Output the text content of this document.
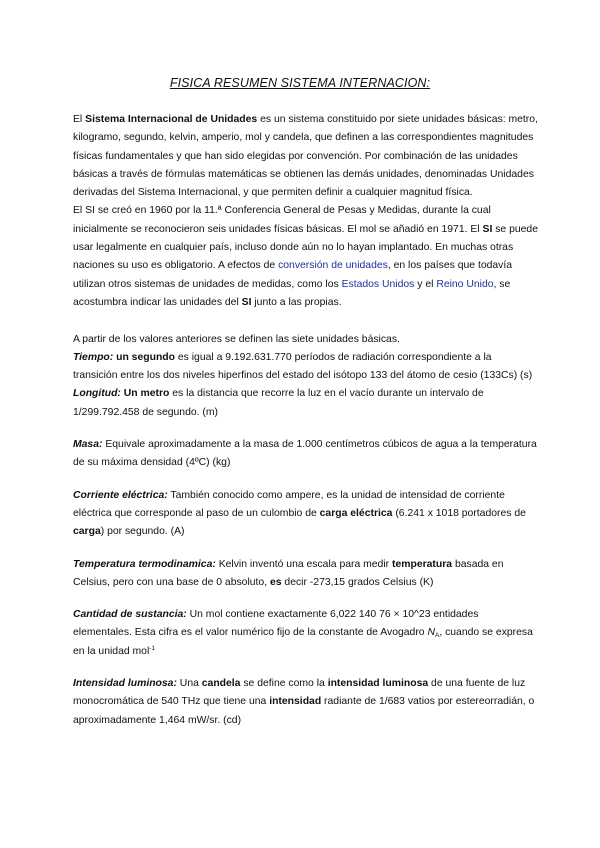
FISICA RESUMEN SISTEMA INTERNACION:

El Sistema Internacional de Unidades es un sistema constituido por siete unidades básicas: metro, kilogramo, segundo, kelvin, amperio, mol y candela, que definen a las correspondientes magnitudes físicas fundamentales y que han sido elegidas por convención. Por combinación de las unidades básicas a través de fórmulas matemáticas se obtienen las demás unidades, denominadas Unidades derivadas del Sistema Internacional, y que permiten definir a cualquier magnitud física.

El SI se creó en 1960 por la 11.ª Conferencia General de Pesas y Medidas, durante la cual inicialmente se reconocieron seis unidades físicas básicas. El mol se añadió en 1971. El SI se puede usar legalmente en cualquier país, incluso donde aún no lo hayan implantado. En muchas otras naciones su uso es obligatorio. A efectos de conversión de unidades, en los países que todavía utilizan otros sistemas de unidades de medidas, como los Estados Unidos y el Reino Unido, se acostumbra indicar las unidades del SI junto a las propias.

A partir de los valores anteriores se definen las siete unidades básicas.

Tiempo: un segundo es igual a 9.192.631.770 períodos de radiación correspondiente a la transición entre los dos niveles hiperfinos del estado del isótopo 133 del átomo de cesio (133Cs) (s)

Longitud: Un metro es la distancia que recorre la luz en el vacío durante un intervalo de 1/299.792.458 de segundo. (m)

Masa: Equivale aproximadamente a la masa de 1.000 centímetros cúbicos de agua a la temperatura de su máxima densidad (4ºC) (kg)

Corriente eléctrica: También conocido como ampere, es la unidad de intensidad de corriente eléctrica que corresponde al paso de un culombio de carga eléctrica (6.241 x 1018 portadores de carga) por segundo. (A)

Temperatura termodinamica: Kelvin inventó una escala para medir temperatura basada en Celsius, pero con una base de 0 absoluto, es decir -273,15 grados Celsius (K)

Cantidad de sustancia: Un mol contiene exactamente 6,022 140 76 × 10^23 entidades elementales. Esta cifra es el valor numérico fijo de la constante de Avogadro $N_A$, cuando se expresa en la unidad mol$^{-1}$

Intensidad luminosa: Una candela se define como la intensidad luminosa de una fuente de luz monocromática de 540 THz que tiene una intensidad radiante de 1/683 vatios por estereorradián, o aproximadamente 1,464 mW/sr. (cd)
